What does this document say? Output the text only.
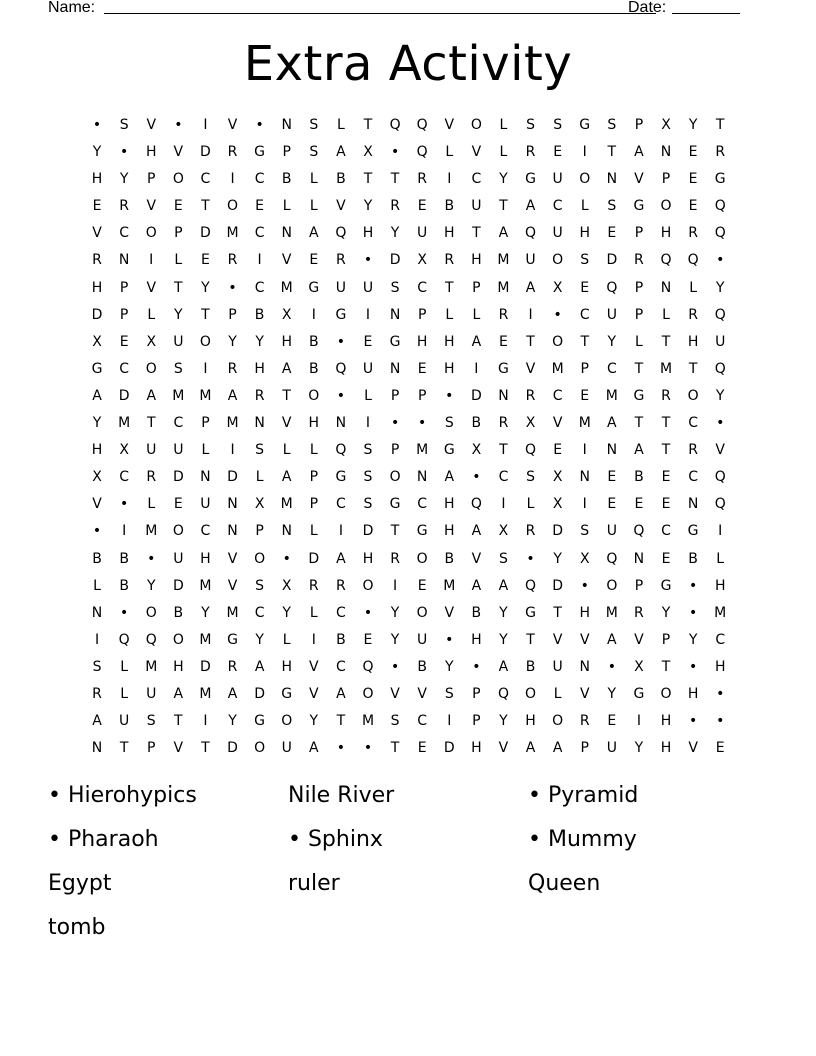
Name:	Date:
Extra Activity
•	S	V	•	I	V	•	N	S	L	T	Q	Q	V	O	L	S	S	G	S	P	X	Y	T
Y	•	H	V	D	R	G	P	S	A	X	•	Q	L	V	L	R	E	I	T	A	N	E	R
H	Y	P	O	C	I	C	B	L	B	T	T	R	I	C	Y	G	U	O	N	V	P	E	G
E	R	V	E	T	O	E	L	L	V	Y	R	E	B	U	T	A	C	L	S	G	O	E	Q
V	C	O	P	D	M	C	N	A	Q	H	Y	U	H	T	A	Q	U	H	E	P	H	R	Q
R	N	I	L	E	R	I	V	E	R	•	D	X	R	H	M	U	O	S	D	R	Q	Q	•
H	P	V	T	Y	•	C	M	G	U	U	S	C	T	P	M	A	X	E	Q	P	N	L	Y
D	P	L	Y	T	P	B	X	I	G	I	N	P	L	L	R	I	•	C	U	P	L	R	Q
X	E	X	U	O	Y	Y	H	B	•	E	G	H	H	A	E	T	O	T	Y	L	T	H	U
G	C	O	S	I	R	H	A	B	Q	U	N	E	H	I	G	V	M	P	C	T	M	T	Q
A	D	A	M	M	A	R	T	O	•	L	P	P	•	D	N	R	C	E	M	G	R	O	Y
Y	M	T	C	P	M	N	V	H	N	I	•	•	S	B	R	X	V	M	A	T	T	C	•
H	X	U	U	L	I	S	L	L	Q	S	P	M	G	X	T	Q	E	I	N	A	T	R	V
X	C	R	D	N	D	L	A	P	G	S	O	N	A	•	C	S	X	N	E	B	E	C	Q
V	•	L	E	U	N	X	M	P	C	S	G	C	H	Q	I	L	X	I	E	E	E	N	Q
•	I	M	O	C	N	P	N	L	I	D	T	G	H	A	X	R	D	S	U	Q	C	G	I
B	B	•	U	H	V	O	•	D	A	H	R	O	B	V	S	•	Y	X	Q	N	E	B	L
L	B	Y	D	M	V	S	X	R	R	O	I	E	M	A	A	Q	D	•	O	P	G	•	H
N	•	O	B	Y	M	C	Y	L	C	•	Y	O	V	B	Y	G	T	H	M	R	Y	•	M
I	Q	Q	O	M	G	Y	L	I	B	E	Y	U	•	H	Y	T	V	V	A	V	P	Y	C
S	L	M	H	D	R	A	H	V	C	Q	•	B	Y	•	A	B	U	N	•	X	T	•	H
R	L	U	A	M	A	D	G	V	A	O	V	V	S	P	Q	O	L	V	Y	G	O	H	•
A	U	S	T	I	Y	G	O	Y	T	M	S	C	I	P	Y	H	O	R	E	I	H	•	•
N	T	P	V	T	D	O	U	A	•	•	T	E	D	H	V	A	A	P	U	Y	H	V	E
• Hierohypics	Nile River	• Pyramid
• Pharaoh	• Sphinx	• Mummy
Egypt	ruler	Queen
tomb
